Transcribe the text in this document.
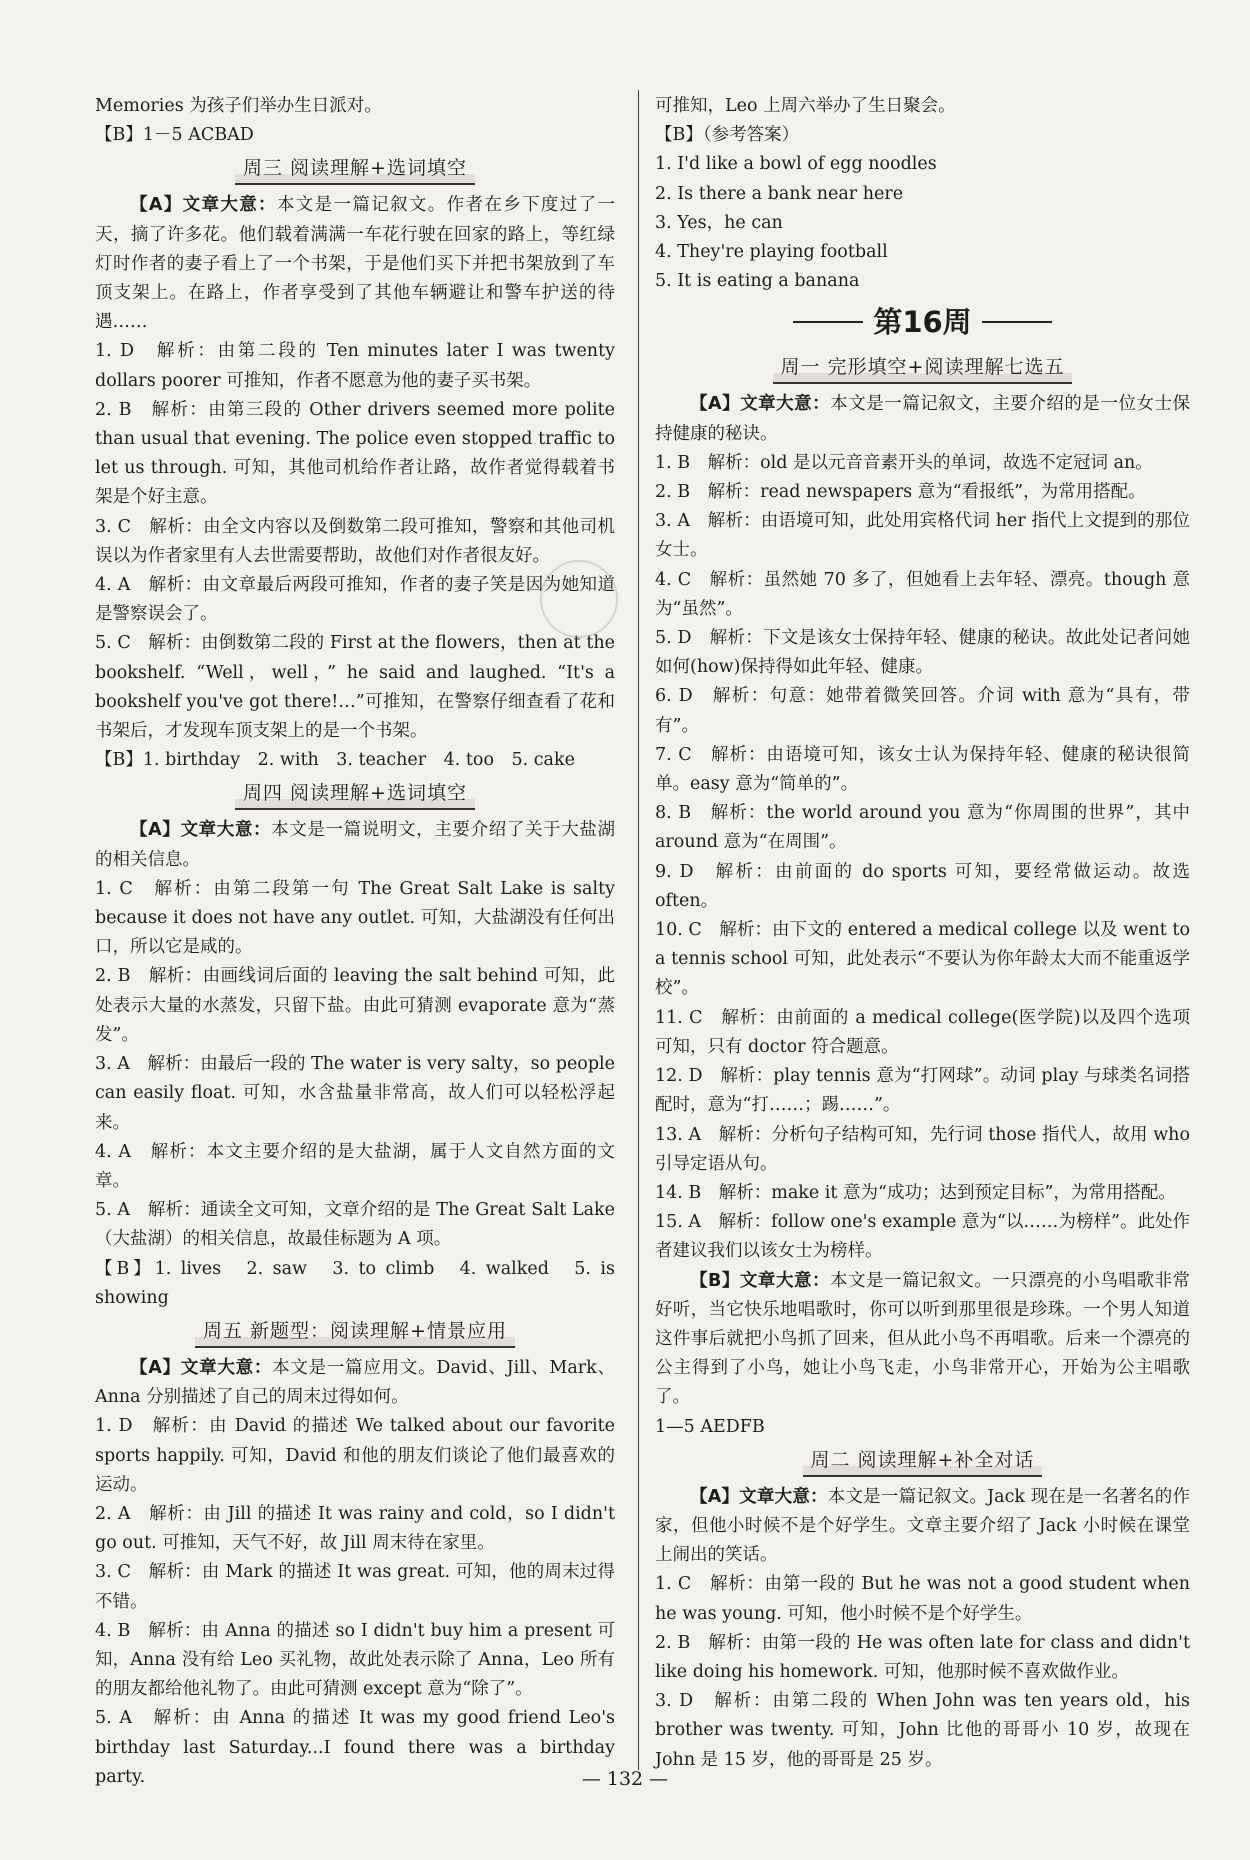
Memories 为孩子们举办生日派对。

【B】1－5 ACBAD

周三 阅读理解+选词填空

【A】文章大意：本文是一篇记叙文。作者在乡下度过了一天，摘了许多花。他们载着满满一车花行驶在回家的路上，等红绿灯时作者的妻子看上了一个书架，于是他们买下并把书架放到了车顶支架上。在路上，作者享受到了其他车辆避让和警车护送的待遇……

1. D　解析：由第二段的 Ten minutes later I was twenty dollars poorer 可推知，作者不愿意为他的妻子买书架。

2. B　解析：由第三段的 Other drivers seemed more polite than usual that evening. The police even stopped traffic to let us through. 可知，其他司机给作者让路，故作者觉得载着书架是个好主意。

3. C　解析：由全文内容以及倒数第二段可推知，警察和其他司机误以为作者家里有人去世需要帮助，故他们对作者很友好。

4. A　解析：由文章最后两段可推知，作者的妻子笑是因为她知道是警察误会了。

5. C　解析：由倒数第二段的 First at the flowers，then at the bookshelf. “Well，well，” he said and laughed. “It's a bookshelf you've got there!…”可推知，在警察仔细查看了花和书架后，才发现车顶支架上的是一个书架。

【B】1. birthday　2. with　3. teacher　4. too　5. cake

周四 阅读理解+选词填空

【A】文章大意：本文是一篇说明文，主要介绍了关于大盐湖的相关信息。

1. C　解析：由第二段第一句 The Great Salt Lake is salty because it does not have any outlet. 可知，大盐湖没有任何出口，所以它是咸的。

2. B　解析：由画线词后面的 leaving the salt behind 可知，此处表示大量的水蒸发，只留下盐。由此可猜测 evaporate 意为“蒸发”。

3. A　解析：由最后一段的 The water is very salty，so people can easily float. 可知，水含盐量非常高，故人们可以轻松浮起来。

4. A　解析：本文主要介绍的是大盐湖，属于人文自然方面的文章。

5. A　解析：通读全文可知，文章介绍的是 The Great Salt Lake（大盐湖）的相关信息，故最佳标题为 A 项。

【B】1. lives　2. saw　3. to climb　4. walked　5. is showing

周五 新题型：阅读理解+情景应用

【A】文章大意：本文是一篇应用文。David、Jill、Mark、Anna 分别描述了自己的周末过得如何。

1. D　解析：由 David 的描述 We talked about our favorite sports happily. 可知，David 和他的朋友们谈论了他们最喜欢的运动。

2. A　解析：由 Jill 的描述 It was rainy and cold，so I didn't go out. 可推知，天气不好，故 Jill 周末待在家里。

3. C　解析：由 Mark 的描述 It was great. 可知，他的周末过得不错。

4. B　解析：由 Anna 的描述 so I didn't buy him a present 可知，Anna 没有给 Leo 买礼物，故此处表示除了 Anna，Leo 所有的朋友都给他礼物了。由此可猜测 except 意为“除了”。

5. A　解析：由 Anna 的描述 It was my good friend Leo's birthday last Saturday...I found there was a birthday party.

可推知，Leo 上周六举办了生日聚会。

【B】（参考答案）

1. I'd like a bowl of egg noodles

2. Is there a bank near here

3. Yes，he can

4. They're playing football

5. It is eating a banana

第16周
周一 完形填空+阅读理解七选五

【A】文章大意：本文是一篇记叙文，主要介绍的是一位女士保持健康的秘诀。

1. B　解析：old 是以元音音素开头的单词，故选不定冠词 an。

2. B　解析：read newspapers 意为“看报纸”，为常用搭配。

3. A　解析：由语境可知，此处用宾格代词 her 指代上文提到的那位女士。

4. C　解析：虽然她 70 多了，但她看上去年轻、漂亮。though 意为“虽然”。

5. D　解析：下文是该女士保持年轻、健康的秘诀。故此处记者问她如何(how)保持得如此年轻、健康。

6. D　解析：句意：她带着微笑回答。介词 with 意为“具有，带有”。

7. C　解析：由语境可知，该女士认为保持年轻、健康的秘诀很简单。easy 意为“简单的”。

8. B　解析：the world around you 意为“你周围的世界”，其中 around 意为“在周围”。

9. D　解析：由前面的 do sports 可知，要经常做运动。故选 often。

10. C　解析：由下文的 entered a medical college 以及 went to a tennis school 可知，此处表示“不要认为你年龄太大而不能重返学校”。

11. C　解析：由前面的 a medical college(医学院)以及四个选项可知，只有 doctor 符合题意。

12. D　解析：play tennis 意为“打网球”。动词 play 与球类名词搭配时，意为“打……；踢……”。

13. A　解析：分析句子结构可知，先行词 those 指代人，故用 who 引导定语从句。

14. B　解析：make it 意为“成功；达到预定目标”，为常用搭配。

15. A　解析：follow one's example 意为“以……为榜样”。此处作者建议我们以该女士为榜样。

【B】文章大意：本文是一篇记叙文。一只漂亮的小鸟唱歌非常好听，当它快乐地唱歌时，你可以听到那里很是珍珠。一个男人知道这件事后就把小鸟抓了回来，但从此小鸟不再唱歌。后来一个漂亮的公主得到了小鸟，她让小鸟飞走，小鸟非常开心，开始为公主唱歌了。

1—5 AEDFB

周二 阅读理解+补全对话

【A】文章大意：本文是一篇记叙文。Jack 现在是一名著名的作家，但他小时候不是个好学生。文章主要介绍了 Jack 小时候在课堂上闹出的笑话。

1. C　解析：由第一段的 But he was not a good student when he was young. 可知，他小时候不是个好学生。

2. B　解析：由第一段的 He was often late for class and didn't like doing his homework. 可知，他那时候不喜欢做作业。

3. D　解析：由第二段的 When John was ten years old，his brother was twenty. 可知，John 比他的哥哥小 10 岁，故现在 John 是 15 岁，他的哥哥是 25 岁。

— 132 —
